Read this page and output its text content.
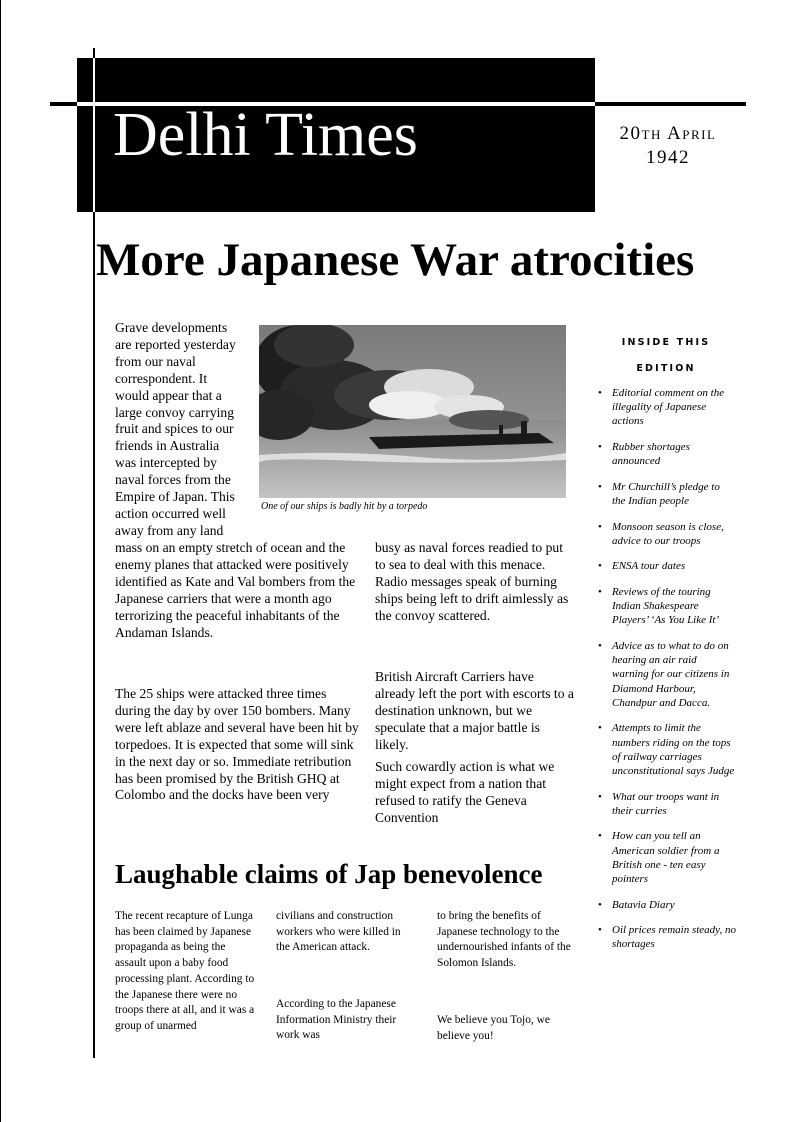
Delhi Times	20th April
1942
More Japanese War atrocities
Grave developments
are reported yesterday
from our naval
correspondent. It
would appear that a
large convoy carrying
fruit and spices to our
friends in Australia
was intercepted by
naval forces from the
Empire of Japan. This
action occurred well
away from any land
One of our ships is badly hit by a torpedo
mass on an empty stretch of ocean and the enemy planes that attacked were positively identified as Kate and Val bombers from the Japanese carriers that were a month ago terrorizing the peaceful inhabitants of the Andaman Islands.
The 25 ships were attacked three times during the day by over 150 bombers. Many were left ablaze and several have been hit by torpedoes. It is expected that some will sink in the next day or so. Immediate retribution has been promised by the British GHQ at Colombo and the docks have been very
busy as naval forces readied to put to sea to deal with this menace. Radio messages speak of burning ships being left to drift aimlessly as the convoy scattered.
British Aircraft Carriers have already left the port with escorts to a destination unknown, but we speculate that a major battle is likely.
Such cowardly action is what we might expect from a nation that refused to ratify the Geneva Convention
INSIDE THIS
EDITION
• Editorial comment on the illegality of Japanese actions
• Rubber shortages announced
• Mr Churchill’s pledge to the Indian people
• Monsoon season is close, advice to our troops
• ENSA tour dates
• Reviews of the touring Indian Shakespeare Players’ ‘As You Like It’
• Advice as to what to do on hearing an air raid warning for our citizens in Diamond Harbour, Chandpur and Dacca.
• Attempts to limit the numbers riding on the tops of railway carriages unconstitutional says Judge
• What our troops want in their curries
• How can you tell an American soldier from a British one - ten easy pointers
• Batavia Diary
• Oil prices remain steady, no shortages
Laughable claims of Jap benevolence
The recent recapture of Lunga has been claimed by Japanese propaganda as being the assault upon a baby food processing plant. According to the Japanese there were no troops there at all, and it was a group of unarmed
civilians and construction workers who were killed in the American attack.
According to the Japanese Information Ministry their work was
to bring the benefits of Japanese technology to the undernourished infants of the Solomon Islands.
We believe you Tojo, we believe you!
